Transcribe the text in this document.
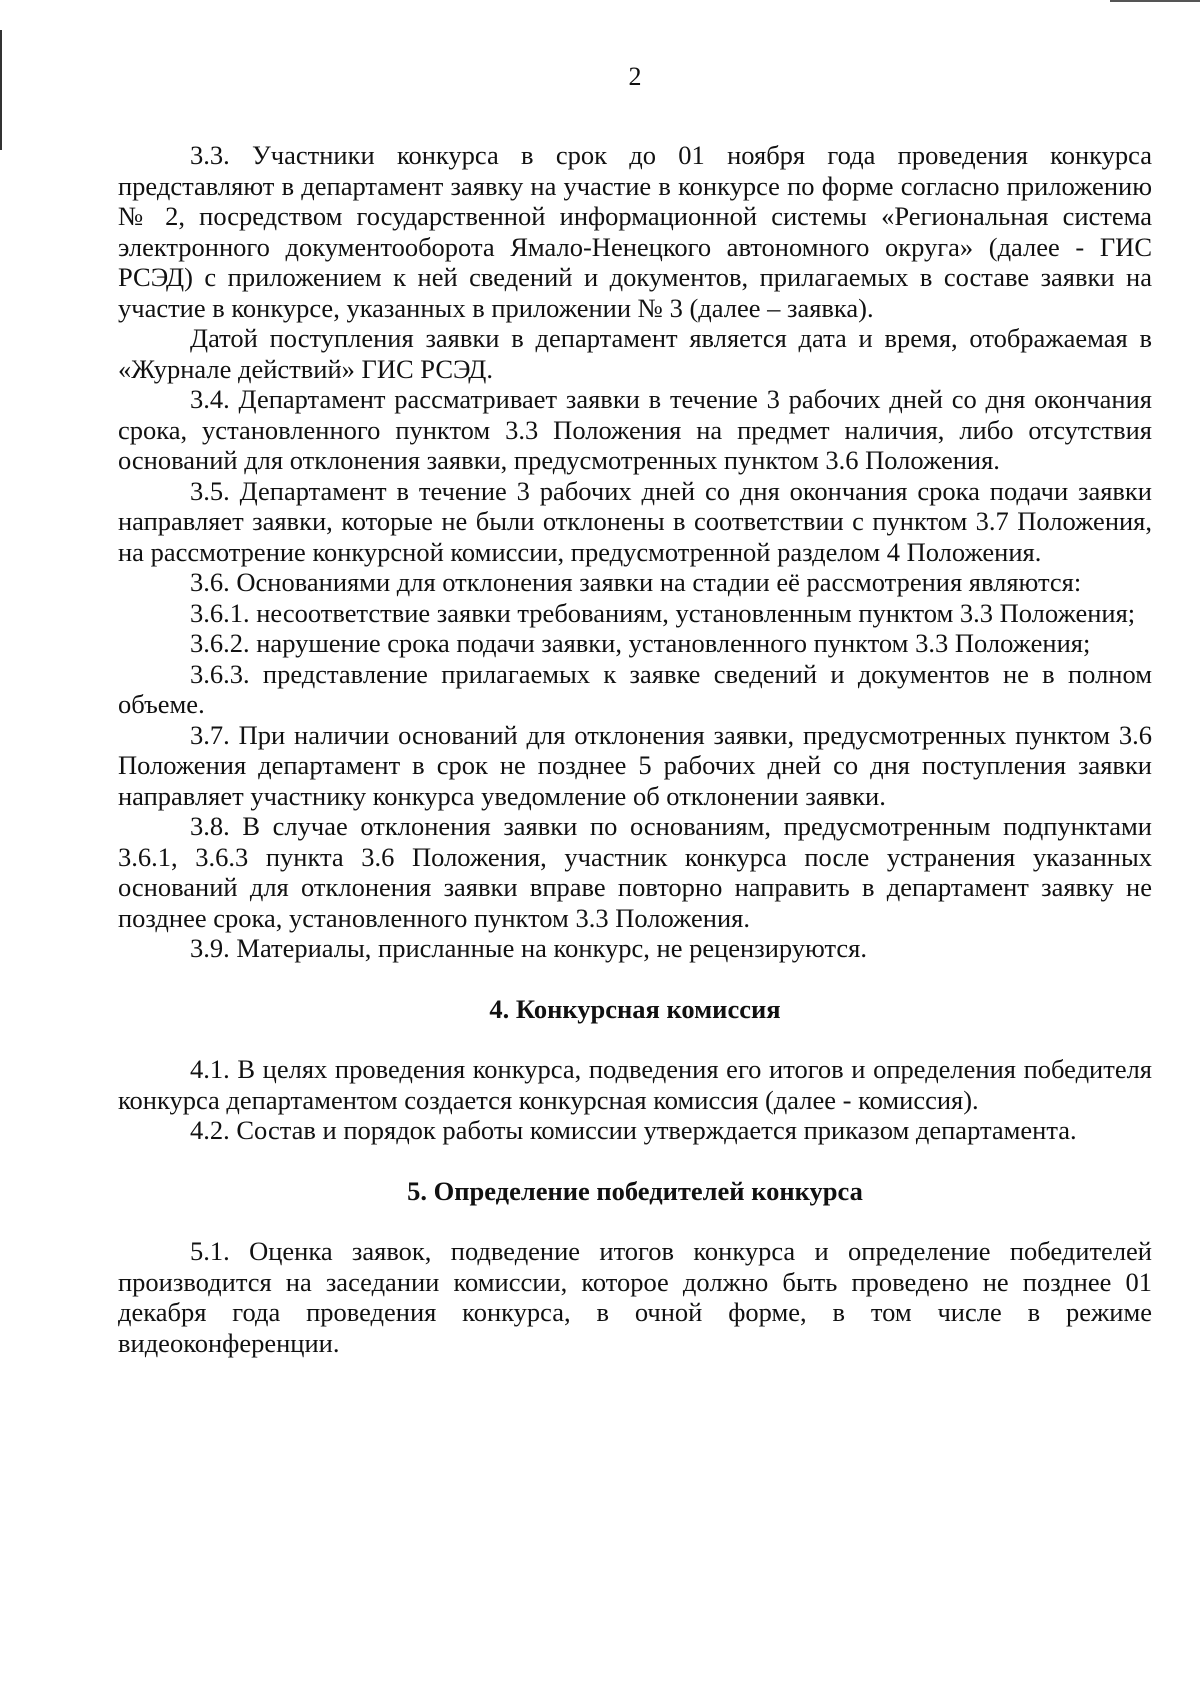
2

3.3. Участники конкурса в срок до 01 ноября года проведения конкурса представляют в департамент заявку на участие в конкурсе по форме согласно приложению № 2, посредством государственной информационной системы «Региональная система электронного документооборота Ямало-Ненецкого автономного округа» (далее - ГИС РСЭД) с приложением к ней сведений и документов, прилагаемых в составе заявки на участие в конкурсе, указанных в приложении № 3 (далее – заявка).

Датой поступления заявки в департамент является дата и время, отображаемая в «Журнале действий» ГИС РСЭД.

3.4. Департамент рассматривает заявки в течение 3 рабочих дней со дня окончания срока, установленного пунктом 3.3 Положения на предмет наличия, либо отсутствия оснований для отклонения заявки, предусмотренных пунктом 3.6 Положения.

3.5. Департамент в течение 3 рабочих дней со дня окончания срока подачи заявки направляет заявки, которые не были отклонены в соответствии с пунктом 3.7 Положения, на рассмотрение конкурсной комиссии, предусмотренной разделом 4 Положения.

3.6. Основаниями для отклонения заявки на стадии её рассмотрения являются:

3.6.1. несоответствие заявки требованиям, установленным пунктом 3.3 Положения;

3.6.2. нарушение срока подачи заявки, установленного пунктом 3.3 Положения;

3.6.3. представление прилагаемых к заявке сведений и документов не в полном объеме.

3.7. При наличии оснований для отклонения заявки, предусмотренных пунктом 3.6 Положения департамент в срок не позднее 5 рабочих дней со дня поступления заявки направляет участнику конкурса уведомление об отклонении заявки.

3.8. В случае отклонения заявки по основаниям, предусмотренным подпунктами 3.6.1, 3.6.3 пункта 3.6 Положения, участник конкурса после устранения указанных оснований для отклонения заявки вправе повторно направить в департамент заявку не позднее срока, установленного пунктом 3.3 Положения.

3.9. Материалы, присланные на конкурс, не рецензируются.

4. Конкурсная комиссия

4.1. В целях проведения конкурса, подведения его итогов и определения победителя конкурса департаментом создается конкурсная комиссия (далее - комиссия).

4.2. Состав и порядок работы комиссии утверждается приказом департамента.

5. Определение победителей конкурса

5.1. Оценка заявок, подведение итогов конкурса и определение победителей производится на заседании комиссии, которое должно быть проведено не позднее 01 декабря года проведения конкурса, в очной форме, в том числе в режиме видеоконференции.
